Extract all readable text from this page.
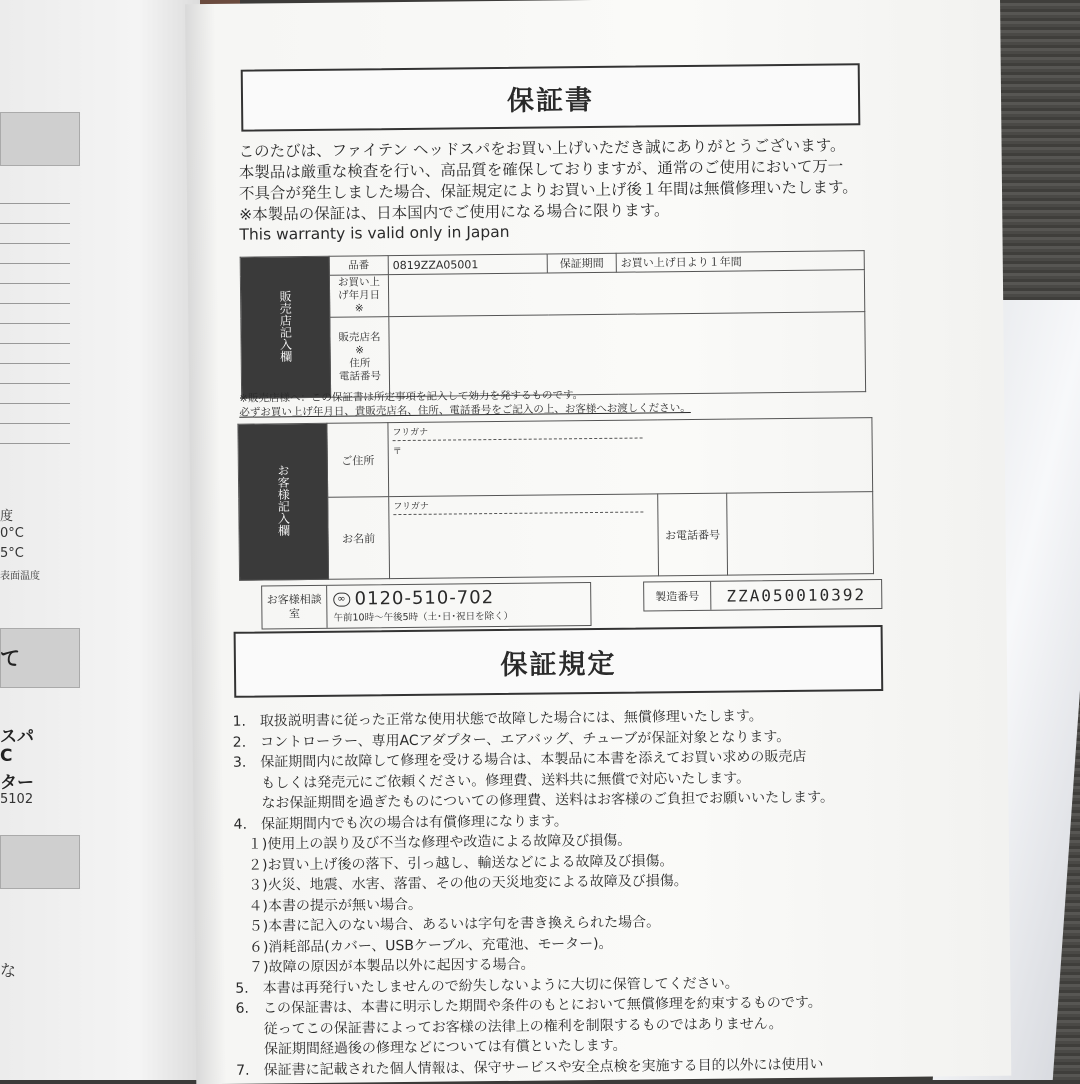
度
0°C
5°C
表面温度
て
スパ
C
ター
5102
な
保証書
このたびは、ファイテン ヘッドスパをお買い上げいただき誠にありがとうございます。
本製品は厳重な検査を行い、高品質を確保しておりますが、通常のご使用において万一
不具合が発生しました場合、保証規定によりお買い上げ後１年間は無償修理いたします。
※本製品の保証は、日本国内でご使用になる場合に限ります。
This warranty is valid only in Japan
販売店記入欄	品番	0819ZZA05001	保証期間	お買い上げ日より１年間
	お買い上げ年月日※			

	販売店名※
住所
電話番号			

※販売店様へ：この保証書は所定事項を記入して効力を発するものです。
必ずお買い上げ年月日、貴販売店名、住所、電話番号をご記入の上、お客様へお渡しください。
お客様記入欄	ご住所	フリガナ
〒		

	お名前	フリガナ	お電話番号	
お客様相談室
∞ 0120-510-702
午前10時～午後5時（土･日･祝日を除く）
製造番号	ZZA050010392
保証規定
1.　取扱説明書に従った正常な使用状態で故障した場合には、無償修理いたします。
2.　コントローラー、専用ACアダプター、エアバッグ、チューブが保証対象となります。
3.　保証期間内に故障して修理を受ける場合は、本製品に本書を添えてお買い求めの販売店
　　もしくは発売元にご依頼ください。修理費、送料共に無償で対応いたします。
　　なお保証期間を過ぎたものについての修理費、送料はお客様のご負担でお願いいたします。
4.　保証期間内でも次の場合は有償修理になります。
　１)使用上の誤り及び不当な修理や改造による故障及び損傷。
　２)お買い上げ後の落下、引っ越し、輸送などによる故障及び損傷。
　３)火災、地震、水害、落雷、その他の天災地変による故障及び損傷。
　４)本書の提示が無い場合。
　５)本書に記入のない場合、あるいは字句を書き換えられた場合。
　６)消耗部品(カバー、USBケーブル、充電池、モーター)。
　７)故障の原因が本製品以外に起因する場合。
5.　本書は再発行いたしませんので紛失しないように大切に保管してください。
6.　この保証書は、本書に明示した期間や条件のもとにおいて無償修理を約束するものです。
　　従ってこの保証書によってお客様の法律上の権利を制限するものではありません。
　　保証期間経過後の修理などについては有償といたします。
7.　保証書に記載された個人情報は、保守サービスや安全点検を実施する目的以外には使用い
